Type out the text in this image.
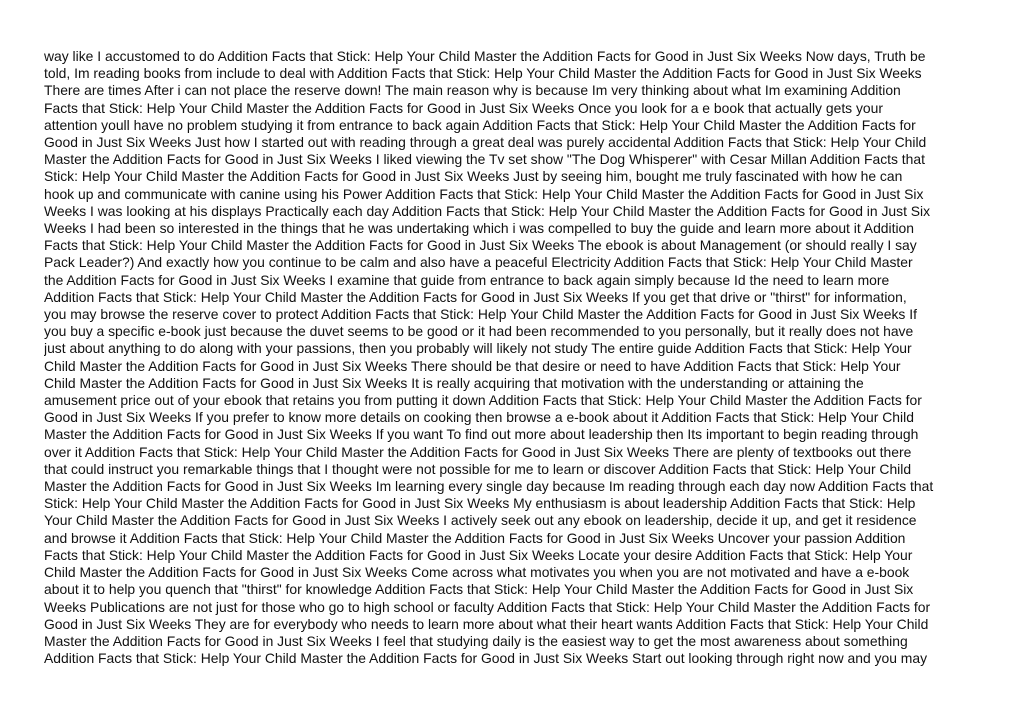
way like I accustomed to do Addition Facts that Stick: Help Your Child Master the Addition Facts for Good in Just Six Weeks Now days, Truth be
told, Im reading books from include to deal with Addition Facts that Stick: Help Your Child Master the Addition Facts for Good in Just Six Weeks
There are times After i can not place the reserve down! The main reason why is because Im very thinking about what Im examining Addition
Facts that Stick: Help Your Child Master the Addition Facts for Good in Just Six Weeks Once you look for a e book that actually gets your
attention youll have no problem studying it from entrance to back again Addition Facts that Stick: Help Your Child Master the Addition Facts for
Good in Just Six Weeks Just how I started out with reading through a great deal was purely accidental Addition Facts that Stick: Help Your Child
Master the Addition Facts for Good in Just Six Weeks I liked viewing the Tv set show "The Dog Whisperer" with Cesar Millan Addition Facts that
Stick: Help Your Child Master the Addition Facts for Good in Just Six Weeks Just by seeing him, bought me truly fascinated with how he can
hook up and communicate with canine using his Power Addition Facts that Stick: Help Your Child Master the Addition Facts for Good in Just Six
Weeks I was looking at his displays Practically each day Addition Facts that Stick: Help Your Child Master the Addition Facts for Good in Just Six
Weeks I had been so interested in the things that he was undertaking which i was compelled to buy the guide and learn more about it Addition
Facts that Stick: Help Your Child Master the Addition Facts for Good in Just Six Weeks The ebook is about Management (or should really I say
Pack Leader?) And exactly how you continue to be calm and also have a peaceful Electricity Addition Facts that Stick: Help Your Child Master
the Addition Facts for Good in Just Six Weeks I examine that guide from entrance to back again simply because Id the need to learn more
Addition Facts that Stick: Help Your Child Master the Addition Facts for Good in Just Six Weeks If you get that drive or "thirst" for information,
you may browse the reserve cover to protect Addition Facts that Stick: Help Your Child Master the Addition Facts for Good in Just Six Weeks If
you buy a specific e-book just because the duvet seems to be good or it had been recommended to you personally, but it really does not have
just about anything to do along with your passions, then you probably will likely not study The entire guide Addition Facts that Stick: Help Your
Child Master the Addition Facts for Good in Just Six Weeks There should be that desire or need to have Addition Facts that Stick: Help Your
Child Master the Addition Facts for Good in Just Six Weeks It is really acquiring that motivation with the understanding or attaining the
amusement price out of your ebook that retains you from putting it down Addition Facts that Stick: Help Your Child Master the Addition Facts for
Good in Just Six Weeks If you prefer to know more details on cooking then browse a e-book about it Addition Facts that Stick: Help Your Child
Master the Addition Facts for Good in Just Six Weeks If you want To find out more about leadership then Its important to begin reading through
over it Addition Facts that Stick: Help Your Child Master the Addition Facts for Good in Just Six Weeks There are plenty of textbooks out there
that could instruct you remarkable things that I thought were not possible for me to learn or discover Addition Facts that Stick: Help Your Child
Master the Addition Facts for Good in Just Six Weeks Im learning every single day because Im reading through each day now Addition Facts that
Stick: Help Your Child Master the Addition Facts for Good in Just Six Weeks My enthusiasm is about leadership Addition Facts that Stick: Help
Your Child Master the Addition Facts for Good in Just Six Weeks I actively seek out any ebook on leadership, decide it up, and get it residence
and browse it Addition Facts that Stick: Help Your Child Master the Addition Facts for Good in Just Six Weeks Uncover your passion Addition
Facts that Stick: Help Your Child Master the Addition Facts for Good in Just Six Weeks Locate your desire Addition Facts that Stick: Help Your
Child Master the Addition Facts for Good in Just Six Weeks Come across what motivates you when you are not motivated and have a e-book
about it to help you quench that "thirst" for knowledge Addition Facts that Stick: Help Your Child Master the Addition Facts for Good in Just Six
Weeks Publications are not just for those who go to high school or faculty Addition Facts that Stick: Help Your Child Master the Addition Facts for
Good in Just Six Weeks They are for everybody who needs to learn more about what their heart wants Addition Facts that Stick: Help Your Child
Master the Addition Facts for Good in Just Six Weeks I feel that studying daily is the easiest way to get the most awareness about something
Addition Facts that Stick: Help Your Child Master the Addition Facts for Good in Just Six Weeks Start out looking through right now and you may
